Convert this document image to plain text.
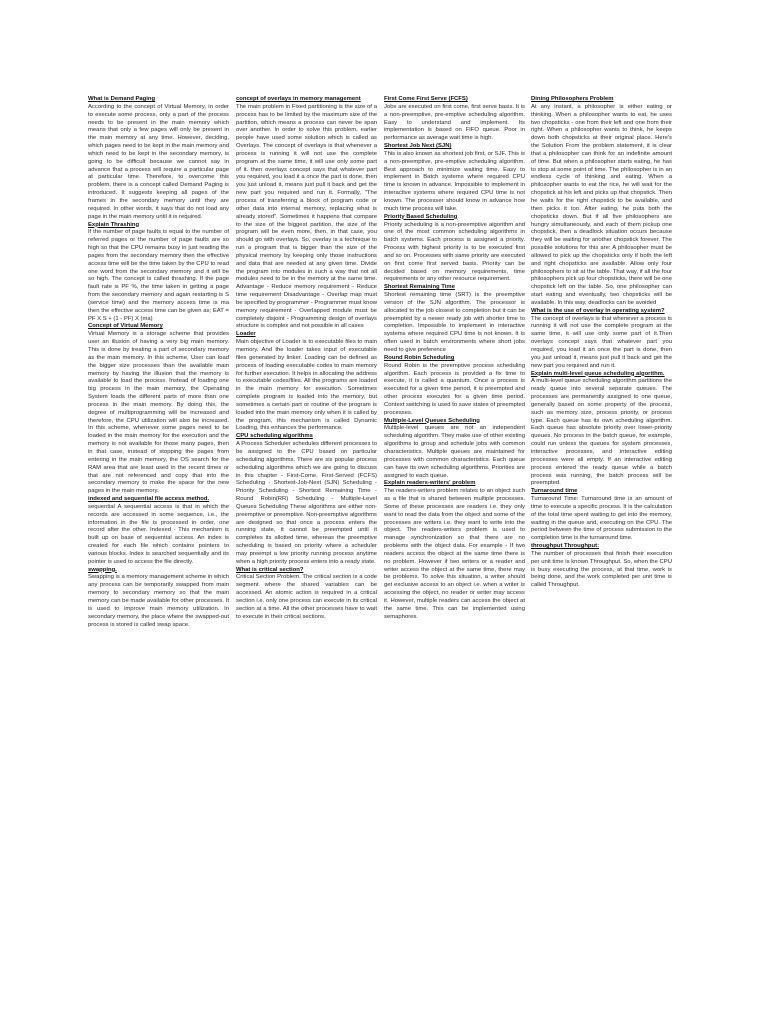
What is Demand Paging

According to the concept of Virtual Memory, in order to execute some process, only a part of the process needs to be present in the main memory which means that only a few pages will only be present in the main memory at any time. However, deciding, which pages need to be kept in the main memory and which need to be kept in the secondary memory, is going to be difficult because we cannot say in advance that a process will require a particular page at particular time. Therefore, to overcome this problem, there is a concept called Demand Paging is introduced. It suggests keeping all pages of the frames in the secondary memory until they are required. In other words, it says that do not load any page in the main memory until it is required.

Explain Thrashing

If the number of page faults is equal to the number of referred pages or the number of page faults are so high so that the CPU remains busy in just reading the pages from the secondary memory then the effective access time will be the time taken by the CPU to read one word from the secondary memory and it will be so high. The concept is called thrashing. If the page fault rate is PF %, the time taken in getting a page from the secondary memory and again restarting is S (service time) and the memory access time is ma then the effective access time can be given as; EAT = PF X S + (1 - PF) X (ma)

Concept of Virtual Memory

Virtual Memory is a storage scheme that provides user an illusion of having a very big main memory. This is done by treating a part of secondary memory as the main memory. In this scheme, User can load the bigger size processes than the available main memory by having the illusion that the memory is available to load the process. Instead of loading one big process in the main memory, the Operating System loads the different parts of more than one process in the main memory. By doing this, the degree of multiprogramming will be increased and therefore, the CPU utilization will also be increased. In this scheme, whenever some pages need to be loaded in the main memory for the execution and the memory is not available for those many pages, then in that case, instead of stopping the pages from entering in the main memory, the OS search for the RAM area that are least used in the recent times or that are not referenced and copy that into the secondary memory to make the space for the new pages in the main memory.

indexed and sequential file access method.

sequential A sequential access is that in which the records are accessed in some sequence, i.e., the information in the file is processed in order, one record after the other. Indexed - This mechanism is built up on base of sequential access. An index is created for each file which contains pointers to various blocks. Index is searched sequentially and its pointer is used to access the file directly.

swapping.

Swapping is a memory management scheme in which any process can be temporarily swapped from main memory to secondary memory so that the main memory can be made available for other processes. It is used to improve main memory utilization. In secondary memory, the place where the swapped-out process is stored is called swap space.

concept of overlays in memory management

The main problem in Fixed partitioning is the size of a process has to be limited by the maximum size of the partition, which means a process can never be span over another. In order to solve this problem, earlier people have used some solution which is called as Overlays. The concept of overlays is that whenever a process is running it will not use the complete program at the same time, it will use only some part of it. then overlays concept says that whatever part you required, you load it a once the part is done, then you just unload it, means just pull it back and get the new part you required and run it. Formally, "The process of transferring a block of program code or other data into internal memory, replacing what is already stored". Sometimes it happens that compare to the size of the biggest partition, the size of the program will be even more, then, in that case, you should go with overlays. So, overlay is a technique to run a program that is bigger than the size of the physical memory by keeping only those instructions and data that are needed at any given time. Divide the program into modules in such a way that not all modules need to be in the memory at the same time. Advantage - Reduce memory requirement - Reduce time requirement Disadvantage - Overlap map must be specified by programmer - Programmer must know memory requirement - Overlapped module must be completely disjoint - Programming design of overlays structure is complex and not possible in all cases

Loader

Main objective of Loader is to executable files to main memory. And the loader takes input of executable files generated by linker. Loading can be defined as process of loading executable codes to main memory for further execution. It helps in allocating the address to executable codes/files. All the programs are loaded in the main memory for execution. Sometimes complete program is loaded into the memory, but sometimes a certain part or routine of the program is loaded into the main memory only when it is called by the program, this mechanism is called Dynamic Loading, this enhances the performance.

CPU scheduling algorithms

A Process Scheduler schedules different processes to be assigned to the CPU based on particular scheduling algorithms. There are six popular process scheduling algorithms which we are going to discuss in this chapter - First-Come, First-Served (FCFS) Scheduling - Shortest-Job-Next (SJN) Scheduling - Priority Scheduling - Shortest Remaining Time - Round Robin(RR) Scheduling - Multiple-Level Queues Scheduling These algorithms are either non-preemptive or preemptive. Non-preemptive algorithms are designed so that once a process enters the running state, it cannot be preempted until it completes its allotted time, whereas the preemptive scheduling is based on priority where a scheduler may preempt a low priority running process anytime when a high priority process enters into a ready state.

What is critical section?

Critical Section Problem. The critical section is a code segment where the shared variables can be accessed. An atomic action is required in a critical section i.e. only one process can execute in its critical section at a time. All the other processes have to wait to execute in their critical sections.

First Come First Serve (FCFS)

Jobs are executed on first come, first serve basis. It is a non-preemptive, pre-emptive scheduling algorithm. Easy to understand and implement. Its implementation is based on FIFO queue. Poor in performance as average wait time is high.

Shortest Job Next (SJN)

This is also known as shortest job first, or SJF. This is a non-preemptive, pre-emptive scheduling algorithm. Best approach to minimize waiting time. Easy to implement in Batch systems where required CPU time is known in advance. Impossible to implement in interactive systems where required CPU time is not known. The processer should know in advance how much time process will take.

Priority Based Scheduling

Priority scheduling is a non-preemptive algorithm and one of the most common scheduling algorithms in batch systems. Each process is assigned a priority. Process with highest priority is to be executed first and so on. Processes with same priority are executed on first come first served basis. Priority can be decided based on memory requirements, time requirements or any other resource requirement.

Shortest Remaining Time

Shortest remaining time (SRT) is the preemptive version of the SJN algorithm. The processor is allocated to the job closest to completion but it can be preempted by a newer ready job with shorter time to completion. Impossible to implement in interactive systems where required CPU time is not known. It is often used in batch environments where short jobs need to give preference

Round Robin Scheduling

Round Robin is the preemptive process scheduling algorithm. Each process is provided a fix time to execute, it is called a quantum. Once a process is executed for a given time period, it is preempted and other process executes for a given time period. Context switching is used to save states of preempted processes.

Multiple-Level Queues Scheduling

Multiple-level queues are not an independent scheduling algorithm. They make use of other existing algorithms to group and schedule jobs with common characteristics. Multiple queues are maintained for processes with common characteristics. Each queue can have its own scheduling algorithms. Priorities are assigned to each queue.

Explain readers-writers' problem

The readers-writers problem relates to an object such as a file that is shared between multiple processes. Some of these processes are readers i.e. they only want to read the data from the object and some of the processes are writers i.e. they want to write into the object. The readers-writers problem is used to manage synchronization so that there are no problems with the object data. For example - If two readers access the object at the same time there is no problem. However if two writers or a reader and writer access the object at the same time, there may be problems. To solve this situation, a writer should get exclusive access to an object i.e. when a writer is accessing the object, no reader or writer may access it. However, multiple readers can access the object at the same time. This can be implemented using semaphores.

Dining Philosophers Problem

At any instant, a philosopher is either eating or thinking. When a philosopher wants to eat, he uses two chopsticks - one from their left and one from their right. When a philosopher wants to think, he keeps down both chopsticks at their original place. Here's the Solution From the problem statement, it is clear that a philosopher can think for an indefinite amount of time. But when a philosopher starts eating, he has to stop at some point of time. The philosopher is in an endless cycle of thinking and eating. When a philosopher wants to eat the rice, he will wait for the chopstick at his left and picks up that chopstick. Then he waits for the right chopstick to be available, and then picks it too. After eating, he puts both the chopsticks down. But if all five philosophers are hungry simultaneously, and each of them pickup one chopstick, then a deadlock situation occurs because they will be waiting for another chopstick forever. The possible solutions for this are: A philosopher must be allowed to pick up the chopsticks only if both the left and right chopsticks are available. Allow only four philosophers to sit at the table. That way, if all the four philosophers pick up four chopsticks, there will be one chopstick left on the table. So, one philosopher can start eating and eventually, two chopsticks will be available. In this way, deadlocks can be avoided

What is the use of overlay in operating system?

The concept of overlays is that whenever a process is running it will not use the complete program at the same time, it will use only some part of it.Then overlays concept says that whatever part you required, you load it an once the part is done, then you just unload it, means just pull it back and get the new part you required and run it.

Explain multi-level queue scheduling algorithm.

A multi-level queue scheduling algorithm partitions the ready queue into several separate queues. The processes are permanently assigned to one queue, generally based on some property of the process, such as memory size, process priority, or process type. Each queue has its own scheduling algorithm. Each queue has absolute priority over lower-priority queues. No process in the batch queue, for example, could run unless the queues for system processes, interactive processes, and interactive editing processes were all empty. If an interactive editing process entered the ready queue while a batch process was running, the batch process will be preempted.

Turnaround time

Turnaround Time: Turnaround time is an amount of time to execute a specific process. It is the calculation of the total time spent waiting to get into the memory, waiting in the queue and, executing on the CPU. The period between the time of process submission to the completion time is the turnaround time.

throughput Throughput:

The number of processes that finish their execution per unit time is known Throughput. So, when the CPU is busy executing the process, at that time, work is being done, and the work completed per unit time is called Throughput.
